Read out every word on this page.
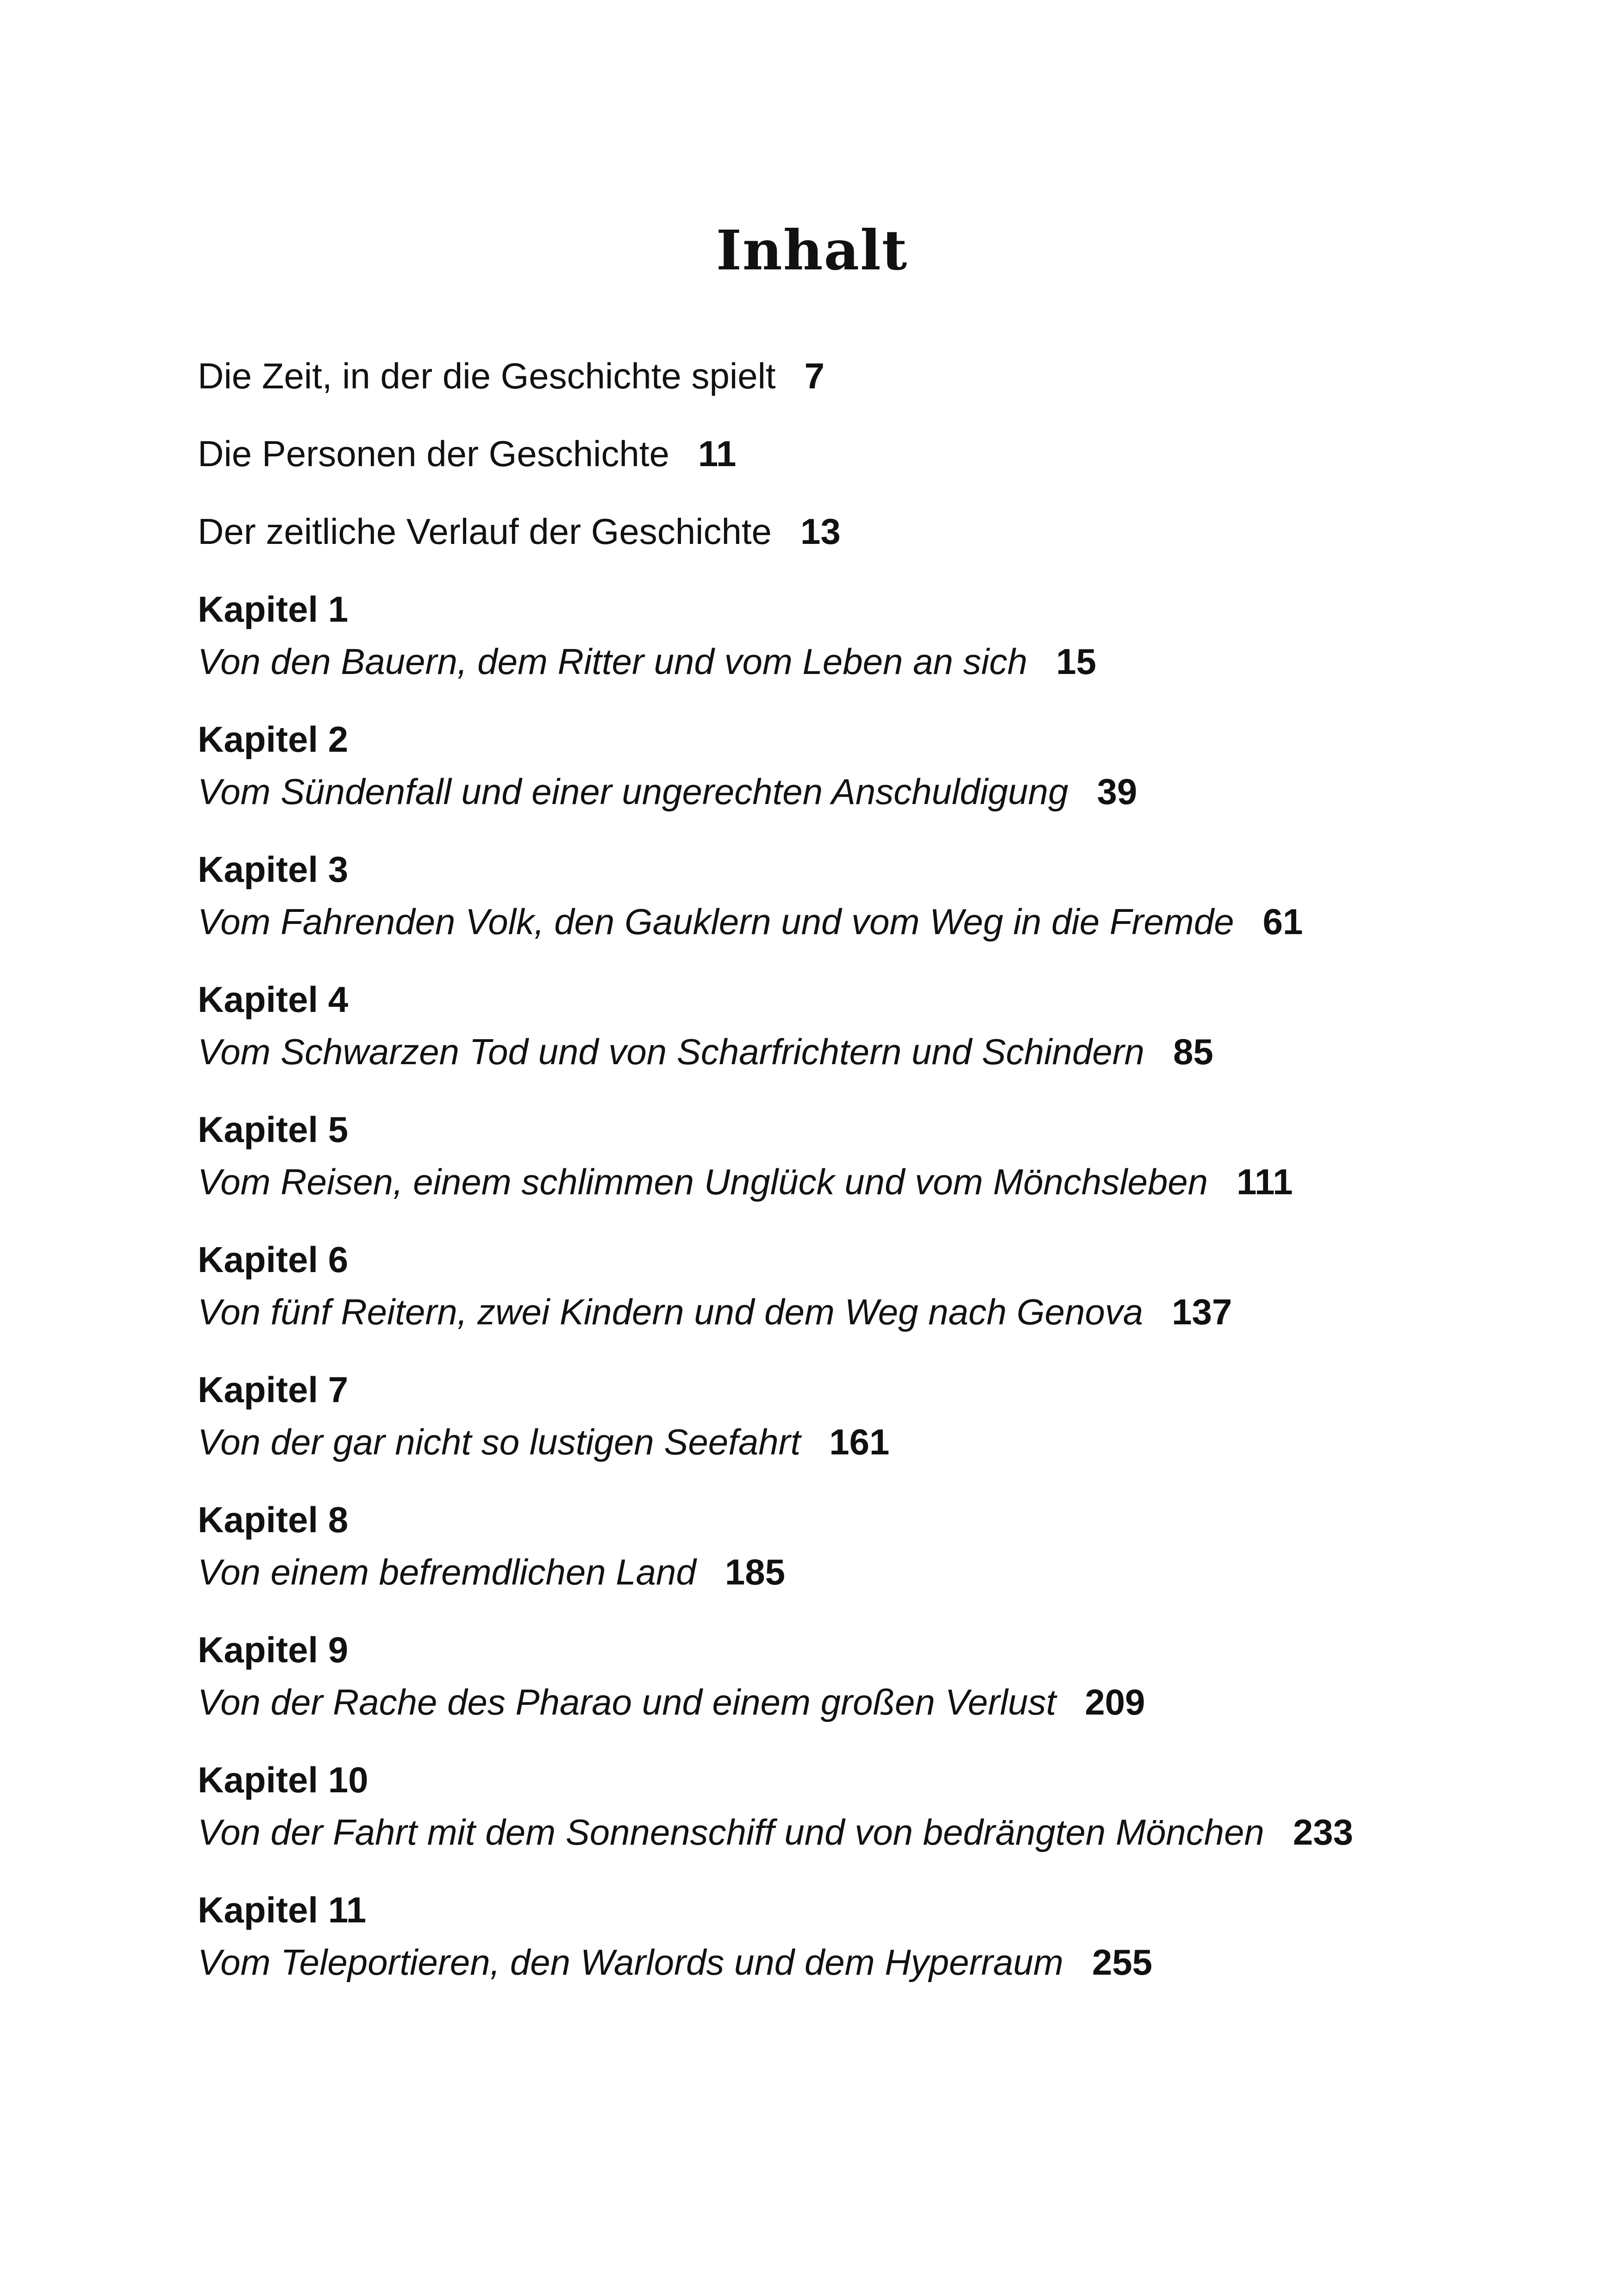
Inhalt
Die Zeit, in der die Geschichte spielt 7
Die Personen der Geschichte 11
Der zeitliche Verlauf der Geschichte 13
Kapitel 1
Von den Bauern, dem Ritter und vom Leben an sich 15
Kapitel 2
Vom Sündenfall und einer ungerechten Anschuldigung 39
Kapitel 3
Vom Fahrenden Volk, den Gauklern und vom Weg in die Fremde 61
Kapitel 4
Vom Schwarzen Tod und von Scharfrichtern und Schindern 85
Kapitel 5
Vom Reisen, einem schlimmen Unglück und vom Mönchsleben 111
Kapitel 6
Von fünf Reitern, zwei Kindern und dem Weg nach Genova 137
Kapitel 7
Von der gar nicht so lustigen Seefahrt 161
Kapitel 8
Von einem befremdlichen Land 185
Kapitel 9
Von der Rache des Pharao und einem großen Verlust 209
Kapitel 10
Von der Fahrt mit dem Sonnenschiff und von bedrängten Mönchen 233
Kapitel 11
Vom Teleportieren, den Warlords und dem Hyperraum 255
